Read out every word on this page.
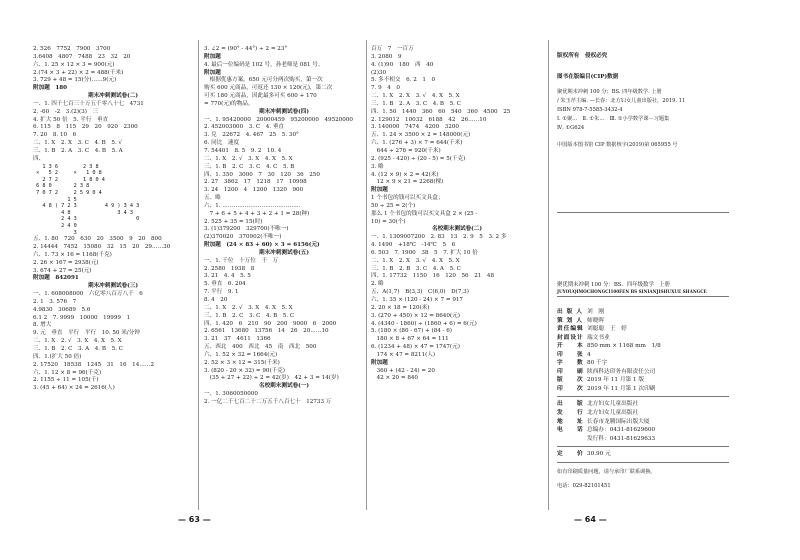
2. 526　7752　7900　3700

3.6408　4807　7488　23　32　20

六、1. 25 × 12 × 3 = 900(元)

2.(74 × 3 + 22) × 2 = 488(千米)

3. 729 + 48 = 15(分)……9(元)

附加题　180

期末冲刺测试卷(二)

一、1. 四千七百三十万五千零八十七　4731

2. -60　-2　3.(2)(3)　三

4. 扩大 50 倍　5. 平行　垂直

6. 115　8　115　29　20　920　2300

7. 20　8. 10　6

二、1. X　2. X　3. C　4. B　5. √

三、1. B　2. A　3. C　4. B　5. A

四、

1 3 6        2 3 8
×   5 2     ×   1 0 8
2 7 2        1 8 0 4
6 8 0       2 3 8
7 0 7 2     2 5 9 0 4
1 5
4 8 ) 7 2 3         4 9 ) 3 4 3
4 8               3 4 3
2 4 3                   0
2 4 0
3

五、1. 80　720　630　20　3500　9　20　800

2. 14444　7452　15080　32　15　20　29……30

六、1. 73 × 16 = 1168(千克)

2. 26 × 167 = 2938(元)

3. 674 + 27 = 25(元)

附加题　842091

期末冲刺测试卷(三)

一、1. 608008000　六亿零八百万八千　6

2. 1　3. 576　7

4.9830　30689　5.6

6.1 2　7. 9999　10000　19999　1

8. 增大

9. 元　垂直　平行　平行　10. 50 米/分钟

二、1. X　2. √　3. X　4. X　5. X

三、1. B　2. C　3. A　4. B　5. C

四、1.(扩大 50 倍)

2. 17520　18538　1245　31　16　14……2

六、1. 12 × 8 = 96(千克)

2. 1155 ÷ 11 = 105(千)

3. (45 + 64) × 24 = 2616(人)

3. ∠2 = (90° - 44°) ÷ 2 = 23°

附加题

4. 最后一位编码是 102 号，孙老师是 081 号。

附加题

　根据优惠方案，650 元可分两次购买，第一次

购买 600 元商品，可返还 130 × 120(元)，第二次

可买 180 元商品，因此最多可买 600 + 170

= 770(元)的物品。

期末冲刺测试卷(四)

一、1. 95420000　20000459　95200000　49520000

2. 452003000　3. C　4. 垂直

3. 兑　22672　4. 467　25　5. 30°

6. 同比　速度

7. 54401　8. 5　9. 2　10. 4

二、1. X　2. √　3. X　4. X　5. X

三、1. B　2. C　3. C　4. C　5. B

四、1. 350　3000　7　30　120　36　250

2. 27　3862　17　1218　17　10998

3. 24　1200　4　1200　1320　900

五、略

六、1. ……………………………………

　7 + 6 + 5 + 4 + 3 + 2 + 1 = 28(种)

2. 525 + 35 = 15(时)

3. (1)379200　329700(不唯一)

(2)370020　370902(不唯一)

附加题　(24 × 83 + 60) × 3 = 6156(元)

期末冲刺测试卷(五)

一、1. 千位　十万位　千　万

2. 2580　1938　8

3. 21　4. 4　5. 5

5. 垂直　6. 204

7. 平行　9. 1

8. 4　20

二、1. X　2. √　3. X　4. X　5. X

三、1. B　2. C　3. C　4. B　5. C

四、1. 420　6　210　90　200　9000　6　2000

2. 6561　13680　13756　14　26　20……10

3. 21　37　4611　1366

五、西北　400　西北　45　南　西北　500

六、1. 52 × 32 = 1664(元)

2. 52 × 3 × 12 = 315(千米)

3. (820 - 20 × 32) = 90(千克)

　(35 + 27 + 22) ÷ 2 = 42(岁)　42 + 3 = 14(岁)

名校期末测试卷(一)

一、1. 3060050000

2. 一亿二千七百二十二万五千八百七十　12733 万

百万　7　一百万

3. 2080　9

4. (1)90　180　西　40

(2)30

5. 多不相交　6. 2　1　0

7. 9　4　0

二、1. X　2. X　3. √　4. X　5. X

三、1. B　2. A　3. C　4. B　5. C

四、1. 50　1440　360　60　540　360　4500　25

2. 129012　10032　6188　42　26……10

3. 140000　7474　4200　3200

五、1. 24 × 3500 × 2 = 148000(元)

六、1. (276 + 3) × 7 = 644(千米)

　644 ÷ 276 = 920(千米)

2. (925 - 420) ÷ (20 - 5) = 5(千克)

3. 略

4. (12 × 9) × 2 = 42(米)

　12 × 9 × 21 = 2268(棵)

附加题

1 个书包的钱可以买文具盒；

50 ÷ 25 = 2(个)

那么 1 个书包的钱可以买文具盒 2 × (25 -

10) = 30(个)

名校期末测试卷(二)

一、1. 1309007200　2. 83　13　2. 9　5　3. 2 多

4. 1490　+18℃　-14℃　5　6

6. 503　7. 1900　38　5　7. 扩大 10 倍

二、1. X　2. X　3. √　4. X　5. X

三、1. B　2. B　3. C　4. A　5. C

四、1. 17732　1150　16　120　56　21　48

2. 略

五、A(1,7)　B(3,3)　C(6,0)　D(7,3)

六、1. 35 × (120 - 24) × 7 = 917

2. 20 × 18 = 120(米)

3. (270 + 450) × 12 = 8640(元)

4. (4340 - 1860) ÷ (1860 + 6) = 6(元)

5. (180 × (80 - 67) + (84 - 6)

　180 × 8 + 67 × 64 = 111

6. (1234 + 48) × 47 = 1747(元)

　174 × 47 = 8211(人)

附加题

　360 + (42 - 24) = 20

　42 × 20 = 840

版权所有　侵权必究

图书在版编目(CIP)数据

聚优期末冲刺 100 分；BS. 四年级数学. 上册

/ 朱玉芹主编. —长春：北方妇女儿童出版社，2019. 11

ISBN 978-7-5585-3432-4

Ⅰ. ①聚…　Ⅱ. ①朱…　Ⅲ. ①小学数学课－习题集

Ⅳ. ①G624

中国版本图书馆 CIP 数据核字(2019)第 065955 号

聚优期末冲刺 100 分：BS．四年级数学　上册

JUYOUQIMOCHONGCI100FEN BS SINIANJISHUXUE SHANGCE

出 版 人 刘　刚
策 划 人 师晓晖
责任编辑 刘聪聪　王　婷
封面设计 瑞文书业
开　　本 850 mm × 1168 mm　1/8
印　　张 4
字　　数 80 千字
印　　刷 陕西科达印务有限责任公司
版　　次 2019 年 11 月第 1 版
印　　次 2019 年 11 月第 1 次印刷
出　　版 北方妇女儿童出版社
发　　行 北方妇女儿童出版社
地　　址 长春市龙腾国际出版大厦
电　　话 总编办：0431-81629600
发行科：0431-81629633
定　　价 30.90 元

如有印刷质量问题，请与承印厂联系调换。

电话：029-82101451

— 63 —	— 64 —
